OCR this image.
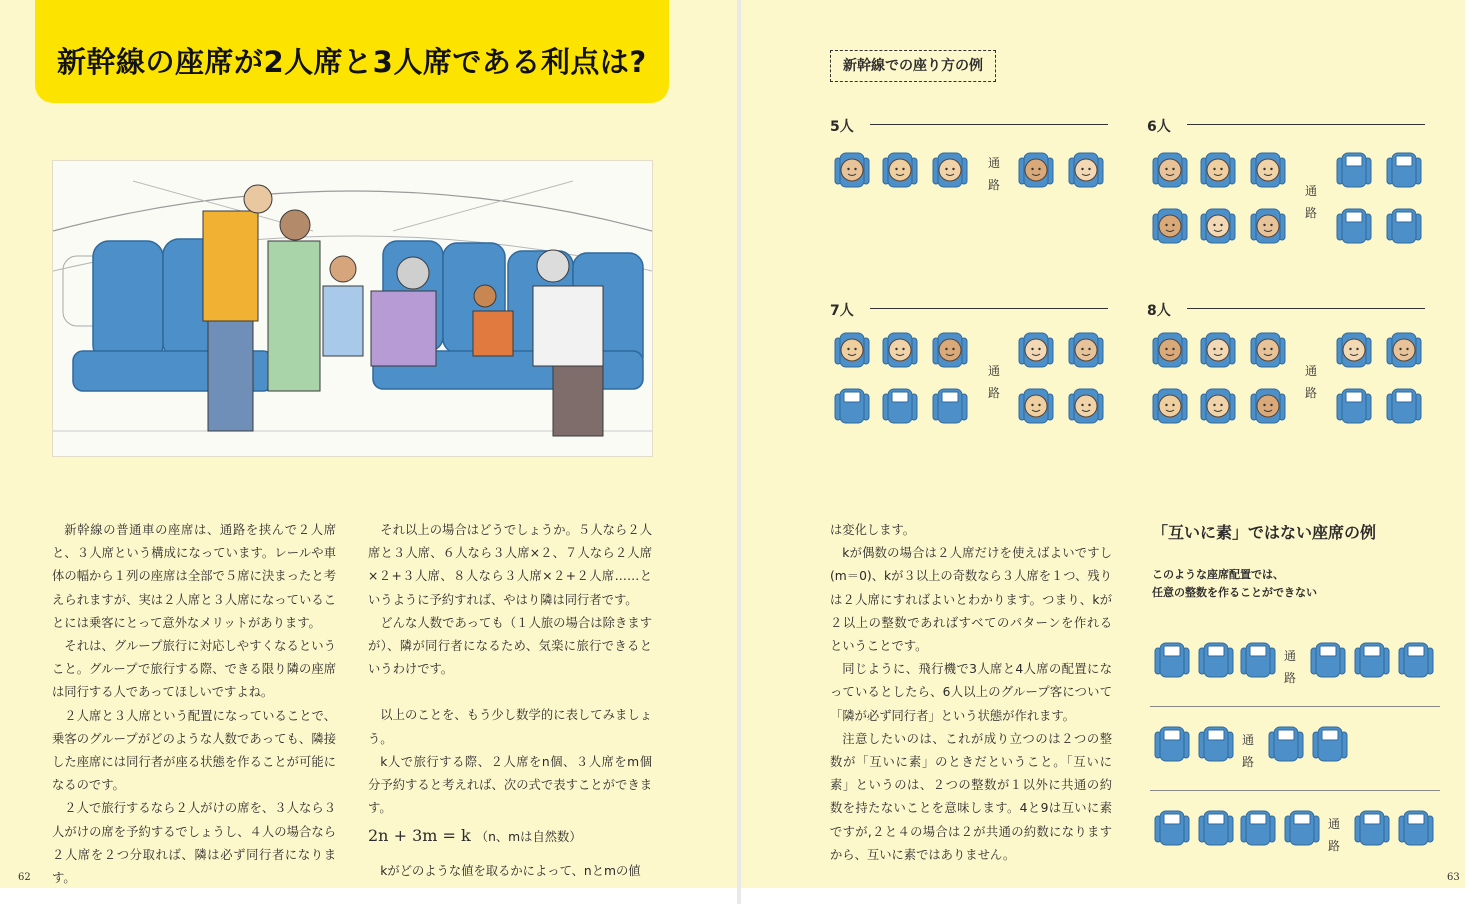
新幹線の座席が2人席と3人席である利点は?

新幹線の普通車の座席は、通路を挟んで２人席と、３人席という構成になっています。レールや車体の幅から１列の座席は全部で５席に決まったと考えられますが、実は２人席と３人席になっていることには乗客にとって意外なメリットがあります。

それは、グループ旅行に対応しやすくなるということ。グループで旅行する際、できる限り隣の座席は同行する人であってほしいですよね。

２人席と３人席という配置になっていることで、乗客のグループがどのような人数であっても、隣接した座席には同行者が座る状態を作ることが可能になるのです。

２人で旅行するなら２人がけの席を、３人なら３人がけの席を予約するでしょうし、４人の場合なら２人席を２つ分取れば、隣は必ず同行者になります。

それ以上の場合はどうでしょうか。５人なら２人席と３人席、６人なら３人席×２、７人なら２人席×２+３人席、８人なら３人席×２+２人席……というように予約すれば、やはり隣は同行者です。

どんな人数であっても（１人旅の場合は除きますが）、隣が同行者になるため、気楽に旅行できるというわけです。

以上のことを、もう少し数学的に表してみましょう。

k人で旅行する際、２人席をn個、３人席をm個分予約すると考えれば、次の式で表すことができます。

2n + 3m = k （n、mは自然数）

kがどのような値を取るかによって、nとmの値

62	63
新幹線での座り方の例
5人	6人
7人	8人
通
路	通
路
通
路
通
路
通
路
通
路
通
路

は変化します。

kが偶数の場合は２人席だけを使えばよいですし(m＝0)、kが３以上の奇数なら３人席を１つ、残りは２人席にすればよいとわかります。つまり、kが２以上の整数であればすべてのパターンを作れるということです。

同じように、飛行機で3人席と4人席の配置になっているとしたら、6人以上のグループ客について「隣が必ず同行者」という状態が作れます。

注意したいのは、これが成り立つのは２つの整数が「互いに素」のときだということ。「互いに素」というのは、２つの整数が１以外に共通の約数を持たないことを意味します。4と9は互いに素ですが,２と４の場合は２が共通の約数になりますから、互いに素ではありません。

「互いに素」ではない座席の例
このような座席配置では、
任意の整数を作ることができない
